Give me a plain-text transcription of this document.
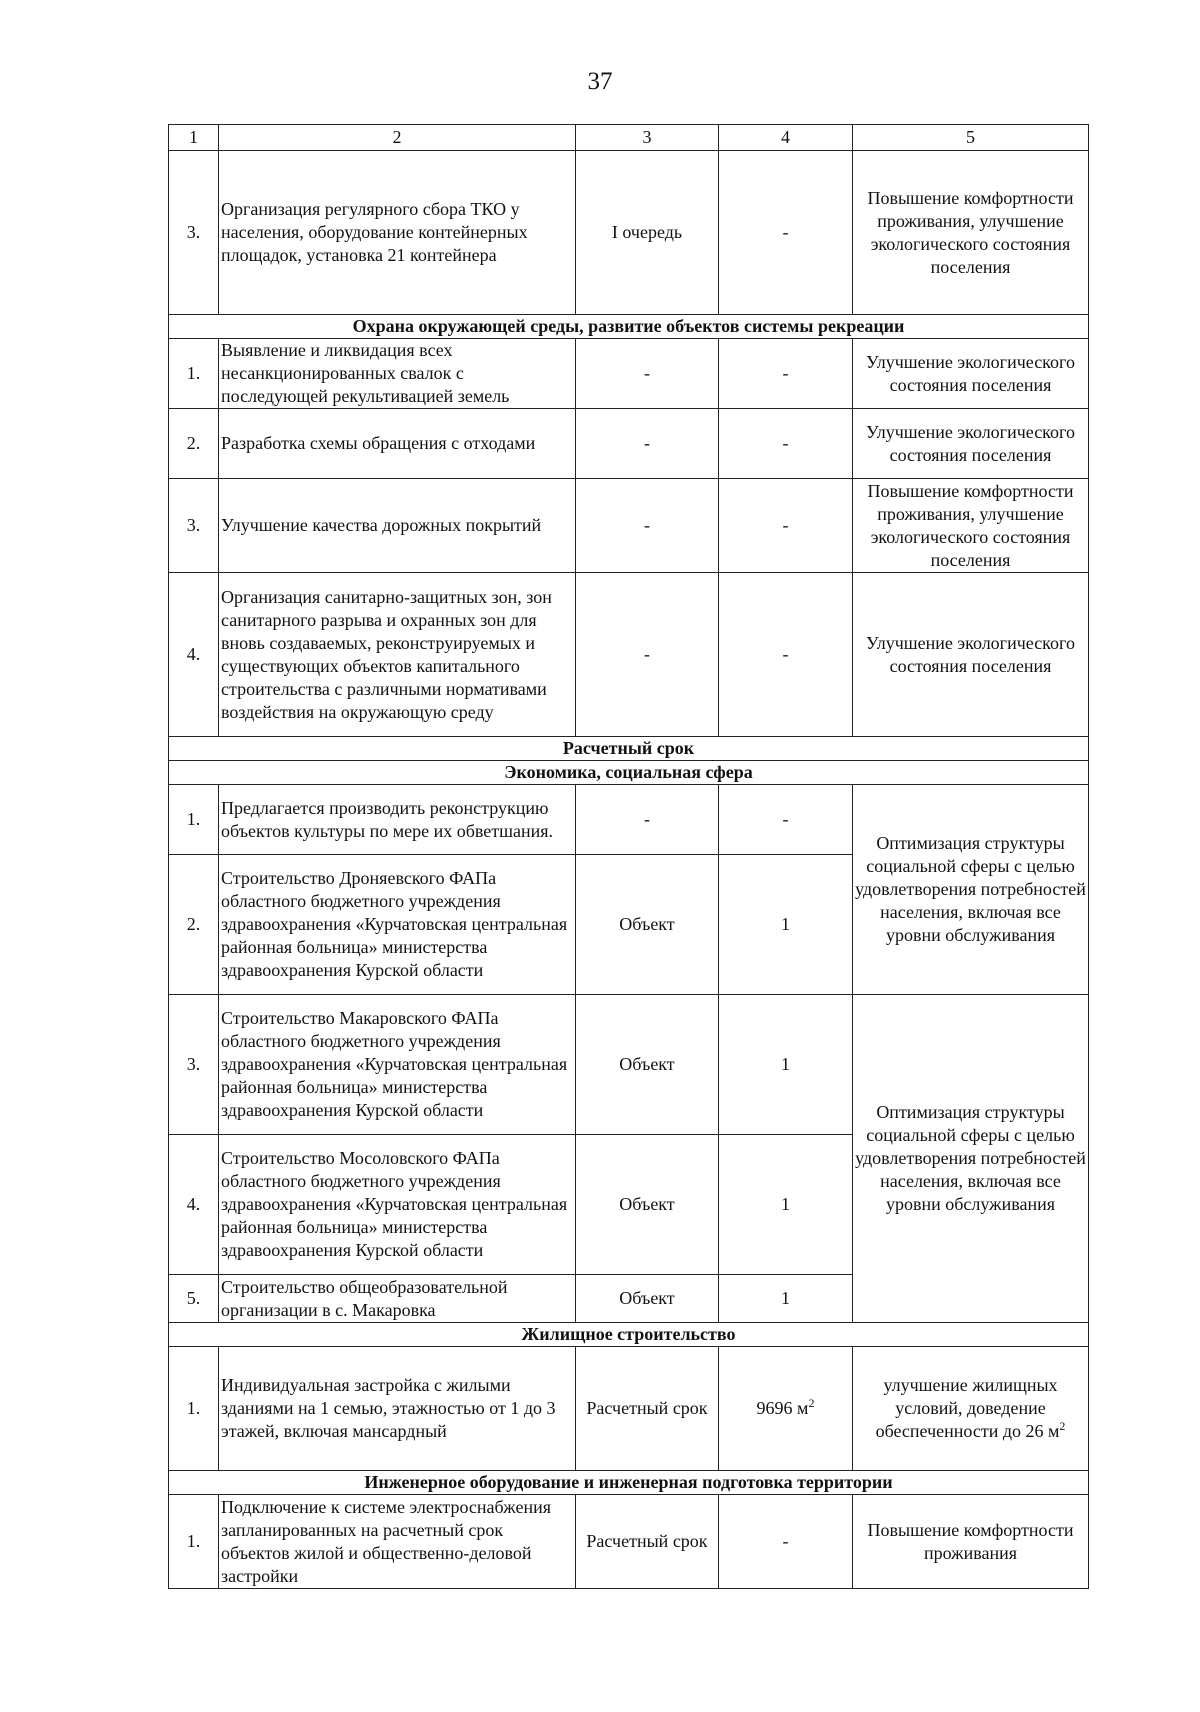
37
1	2	3	4	5
3.	Организация регулярного сбора ТКО у населения, оборудование контейнерных площадок, установка 21 контейнера	I очередь	-	Повышение комфортности проживания, улучшение экологического состояния поселения
Охрана окружающей среды, развитие объектов системы рекреации				
1.	Выявление и ликвидация всех несанкционированных свалок с последующей рекультивацией земель	-	-	Улучшение экологического состояния поселения
2.	Разработка схемы обращения с отходами	-	-	Улучшение экологического состояния поселения
3.	Улучшение качества дорожных покрытий	-	-	Повышение комфортности проживания, улучшение экологического состояния поселения
4.	Организация санитарно-защитных зон, зон санитарного разрыва и охранных зон для вновь создаваемых, реконструируемых и существующих объектов капитального строительства с различными нормативами воздействия на окружающую среду	-	-	Улучшение экологического состояния поселения
Расчетный срок				
Экономика, социальная сфера				
1.	Предлагается производить реконструкцию объектов культуры по мере их обветшания.	-	-	Оптимизация структуры социальной сферы с целью удовлетворения потребностей населения, включая все уровни обслуживания
2.	Строительство Дроняевского ФАПа областного бюджетного учреждения здравоохранения «Курчатовская центральная районная больница» министерства здравоохранения Курской области	Объект	1	
3.	Строительство Макаровского ФАПа областного бюджетного учреждения здравоохранения «Курчатовская центральная районная больница» министерства здравоохранения Курской области	Объект	1	Оптимизация структуры социальной сферы с целью удовлетворения потребностей населения, включая все уровни обслуживания
4.	Строительство Мосоловского ФАПа областного бюджетного учреждения здравоохранения «Курчатовская центральная районная больница» министерства здравоохранения Курской области	Объект	1	
5.	Строительство общеобразовательной организации в с. Макаровка	Объект	1	
Жилищное строительство				
1.	Индивидуальная застройка с жилыми зданиями на 1 семью, этажностью от 1 до 3 этажей, включая мансардный	Расчетный срок	9696 $м^2$	улучшение жилищных условий, доведение обеспеченности до 26 $м^2$
Инженерное оборудование и инженерная подготовка территории				
1.	Подключение к системе электроснабжения запланированных на расчетный срок объектов жилой и общественно-деловой застройки	Расчетный срок	-	Повышение комфортности проживания
